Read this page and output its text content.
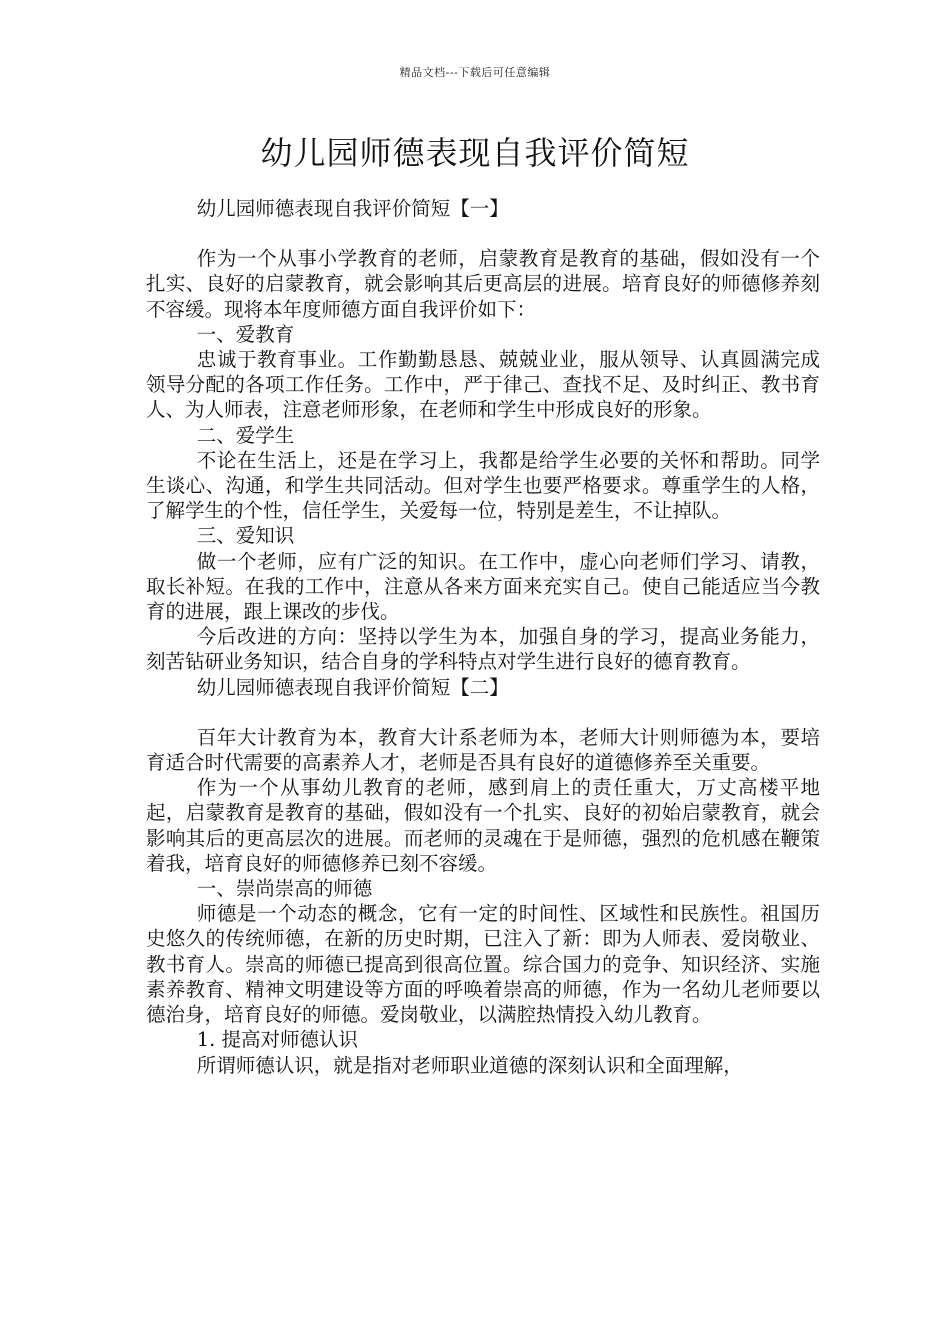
精品文档---下载后可任意编辑
幼儿园师德表现自我评价简短

幼儿园师德表现自我评价简短【一】

作为一个从事小学教育的老师，启蒙教育是教育的基础，假如没有一个扎实、良好的启蒙教育，就会影响其后更高层的进展。培育良好的师德修养刻不容缓。现将本年度师德方面自我评价如下：

一、爱教育

忠诚于教育事业。工作勤勤恳恳、兢兢业业，服从领导、认真圆满完成领导分配的各项工作任务。工作中，严于律己、查找不足、及时纠正、教书育人、为人师表，注意老师形象，在老师和学生中形成良好的形象。

二、爱学生

不论在生活上，还是在学习上，我都是给学生必要的关怀和帮助。同学生谈心、沟通，和学生共同活动。但对学生也要严格要求。尊重学生的人格，了解学生的个性，信任学生，关爱每一位，特别是差生，不让掉队。

三、爱知识

做一个老师，应有广泛的知识。在工作中，虚心向老师们学习、请教，取长补短。在我的工作中，注意从各来方面来充实自己。使自己能适应当今教育的进展，跟上课改的步伐。

今后改进的方向：坚持以学生为本，加强自身的学习，提高业务能力，刻苦钻研业务知识，结合自身的学科特点对学生进行良好的德育教育。

幼儿园师德表现自我评价简短【二】

百年大计教育为本，教育大计系老师为本，老师大计则师德为本，要培育适合时代需要的高素养人才，老师是否具有良好的道德修养至关重要。

作为一个从事幼儿教育的老师，感到肩上的责任重大，万丈高楼平地起，启蒙教育是教育的基础，假如没有一个扎实、良好的初始启蒙教育，就会影响其后的更高层次的进展。而老师的灵魂在于是师德，强烈的危机感在鞭策着我，培育良好的师德修养已刻不容缓。

一、崇尚崇高的师德

师德是一个动态的概念，它有一定的时间性、区域性和民族性。祖国历史悠久的传统师德，在新的历史时期，已注入了新：即为人师表、爱岗敬业、教书育人。崇高的师德已提高到很高位置。综合国力的竞争、知识经济、实施素养教育、精神文明建设等方面的呼唤着崇高的师德，作为一名幼儿老师要以德治身，培育良好的师德。爱岗敬业，以满腔热情投入幼儿教育。

1. 提高对师德认识

所谓师德认识，就是指对老师职业道德的深刻认识和全面理解，
